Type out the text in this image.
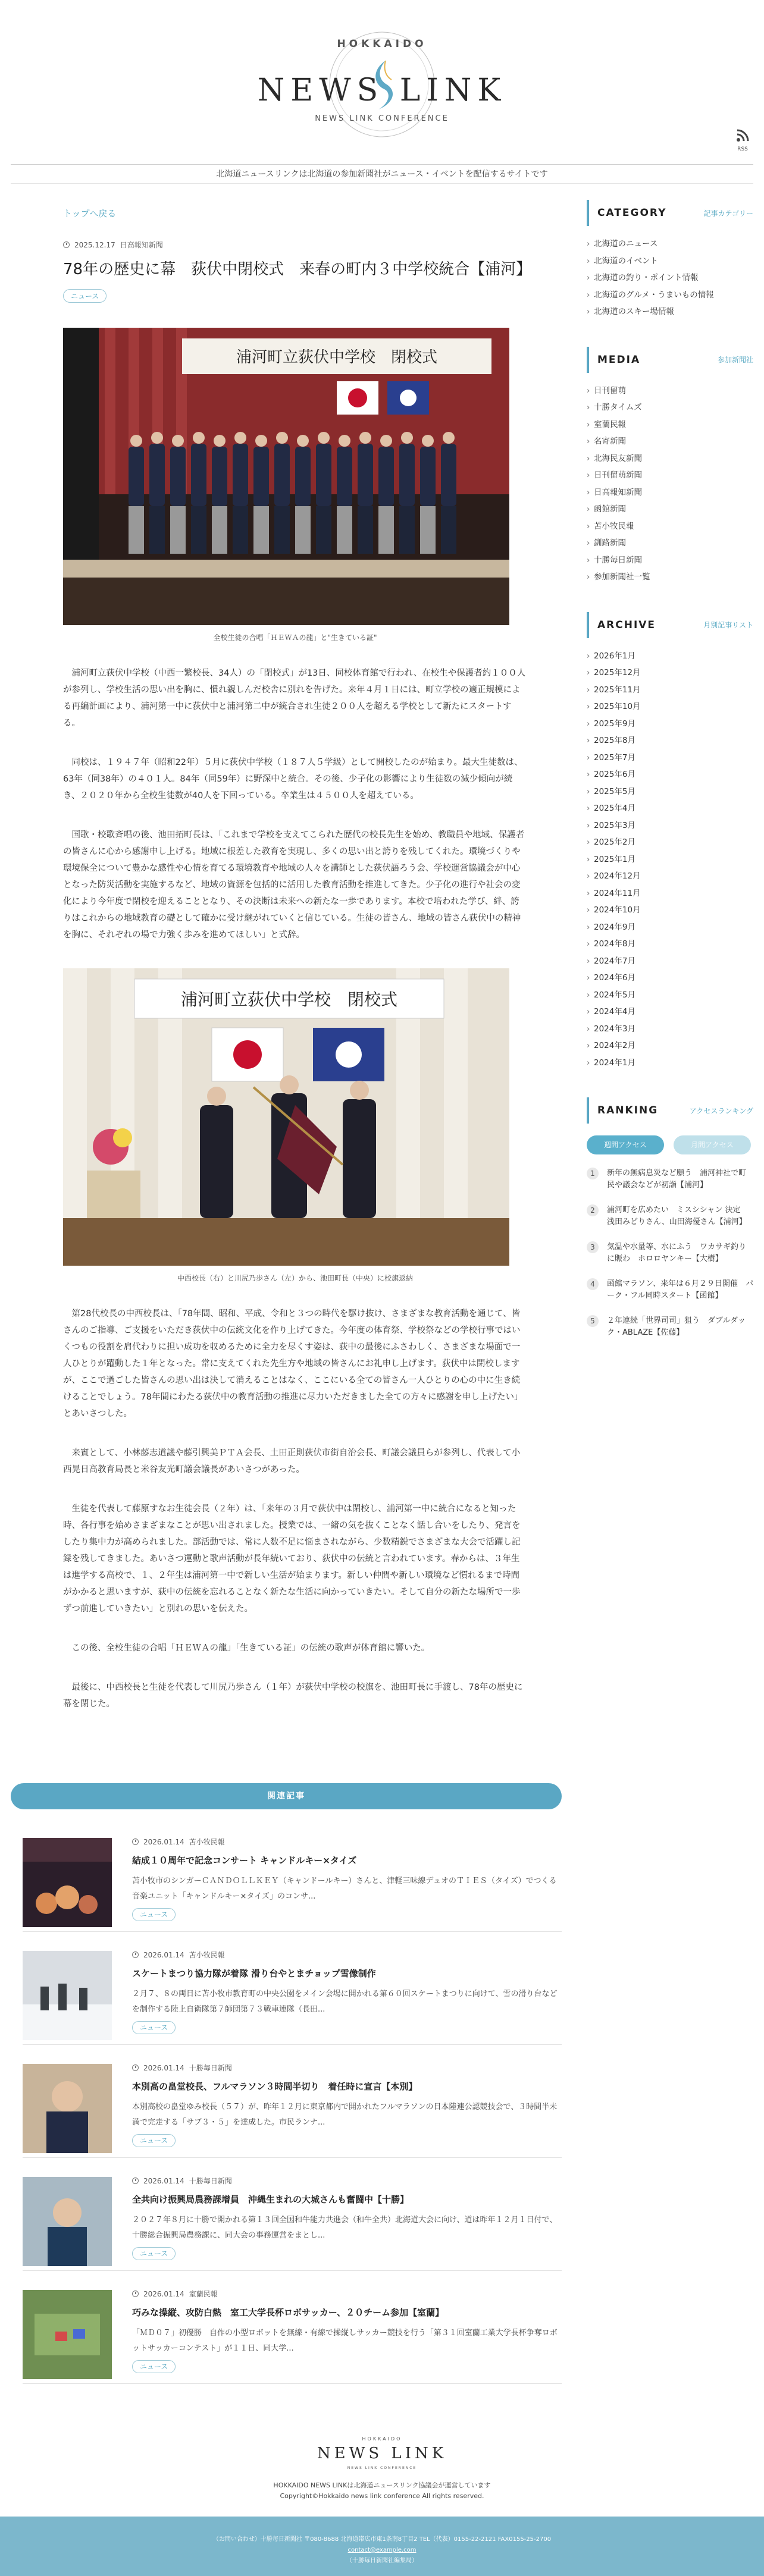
HOKKAIDO
NEWS LINK
NEWS LINK CONFERENCE
RSS
北海道ニュースリンクは北海道の参加新聞社がニュース・イベントを配信するサイトです
トップへ戻る
2025.12.17 日高報知新聞
78年の歴史に幕　荻伏中閉校式　来春の町内３中学校統合【浦河】
ニュース
浦河町立荻伏中学校　閉校式
全校生徒の合唱「ＨＥＷＡの龍」と"生きている証"

浦河町立荻伏中学校（中西一繁校長、34人）の「閉校式」が13日、同校体育館で行われ、在校生や保護者約１００人が参列し、学校生活の思い出を胸に、慣れ親しんだ校舎に別れを告げた。来年４月１日には、町立学校の適正規模による再編計画により、浦河第一中に荻伏中と浦河第二中が統合され生徒２００人を超える学校として新たにスタートする。

同校は、１９４７年（昭和22年）５月に荻伏中学校（１８７人５学級）として開校したのが始まり。最大生徒数は、63年（同38年）の４０１人。84年（同59年）に野深中と統合。その後、少子化の影響により生徒数の減少傾向が続き、２０２０年から全校生徒数が40人を下回っている。卒業生は４５００人を超えている。

国歌・校歌斉唱の後、池田拓町長は、「これまで学校を支えてこられた歴代の校長先生を始め、教職員や地域、保護者の皆さんに心から感謝申し上げる。地域に根差した教育を実現し、多くの思い出と誇りを残してくれた。環境づくりや環境保全について豊かな感性や心情を育てる環境教育や地域の人々を講師とした荻伏語ろう会、学校運営協議会が中心となった防災活動を実施するなど、地域の資源を包括的に活用した教育活動を推進してきた。少子化の進行や社会の変化により今年度で閉校を迎えることとなり、その決断は未来への新たな一歩であります。本校で培われた学び、絆、誇りはこれからの地域教育の礎として確かに受け継がれていくと信じている。生徒の皆さん、地域の皆さん荻伏中の精神を胸に、それぞれの場で力強く歩みを進めてほしい」と式辞。

浦河町立荻伏中学校　閉校式
中西校長（右）と川尻乃歩さん（左）から、池田町長（中央）に校旗返納

第28代校長の中西校長は、「78年間、昭和、平成、令和と３つの時代を駆け抜け、さまざまな教育活動を通じて、皆さんのご指導、ご支援をいただき荻伏中の伝統文化を作り上げてきた。今年度の体育祭、学校祭などの学校行事ではいくつもの役割を肩代わりに担い成功を収めるために全力を尽くす姿は、荻中の最後にふさわしく、さまざまな場面で一人ひとりが躍動した１年となった。常に支えてくれた先生方や地域の皆さんにお礼申し上げます。荻伏中は閉校しますが、ここで過ごした皆さんの思い出は決して消えることはなく、ここにいる全ての皆さん一人ひとりの心の中に生き続けることでしょう。78年間にわたる荻伏中の教育活動の推進に尽力いただきました全ての方々に感謝を申し上げたい」とあいさつした。

来賓として、小林藤志道議や藤引興美ＰＴＡ会長、土田正則荻伏市街自治会長、町議会議員らが参列し、代表して小西晃日高教育局長と米谷友光町議会議長があいさつがあった。

生徒を代表して藤原すなお生徒会長（２年）は、「来年の３月で荻伏中は閉校し、浦河第一中に統合になると知った時、各行事を始めさまざまなことが思い出されました。授業では、一緒の気を抜くことなく話し合いをしたり、発言をしたり集中力が高められました。部活動では、常に人数不足に悩まされながら、少数精鋭でさまざまな大会で活躍し記録を残してきました。あいさつ運動と歌声活動が長年続いており、荻伏中の伝統と言われています。春からは、３年生は進学する高校で、１、２年生は浦河第一中で新しい生活が始まります。新しい仲間や新しい環境など慣れるまで時間がかかると思いますが、荻中の伝統を忘れることなく新たな生活に向かっていきたい。そして自分の新たな場所で一歩ずつ前進していきたい」と別れの思いを伝えた。

この後、全校生徒の合唱「ＨＥＷＡの龍」「生きている証」の伝統の歌声が体育館に響いた。

最後に、中西校長と生徒を代表して川尻乃歩さん（１年）が荻伏中学校の校旗を、池田町長に手渡し、78年の歴史に幕を閉じた。

CATEGORY	記事カテゴリー
› 北海道のニュース
› 北海道のイベント
› 北海道の釣り・ポイント情報
› 北海道のグルメ・うまいもの情報
› 北海道のスキー場情報
MEDIA	参加新聞社
› 日刊留萌
› 十勝タイムズ
› 室蘭民報
› 名寄新聞
› 北海民友新聞
› 日刊留萌新聞
› 日高報知新聞
› 函館新聞
› 苫小牧民報
› 釧路新聞
› 十勝毎日新聞
› 参加新聞社一覧
ARCHIVE	月別記事リスト
› 2026年1月
› 2025年12月
› 2025年11月
› 2025年10月
› 2025年9月
› 2025年8月
› 2025年7月
› 2025年6月
› 2025年5月
› 2025年4月
› 2025年3月
› 2025年2月
› 2025年1月
› 2024年12月
› 2024年11月
› 2024年10月
› 2024年9月
› 2024年8月
› 2024年7月
› 2024年6月
› 2024年5月
› 2024年4月
› 2024年3月
› 2024年2月
› 2024年1月
RANKING	アクセスランキング
週間アクセス	月間アクセス
1	新年の無病息災など願う　浦河神社で町民や議会などが初詣【浦河】
2	浦河町を広めたい　ミスシシャン 決定　浅田みどりさん、山田海優さん【浦河】
3	気温や水量等、水にふう　ワカサギ釣りに賑わ　ホロロヤンキー【大樹】
4	函館マラソン、来年は６月２９日開催　パーク・フル同時スタート【函館】
5	２年連続「世界司司」狙う　ダブルダック・ABLAZE【佐藤】
関連記事
2026.01.14 苫小牧民報
結成１０周年で記念コンサート キャンドルキー×タイズ
苫小牧市のシンガーＣＡＮＤＯＬＬＫＥＹ（キャンドールキー）さんと、津軽三味線デュオのＴＩＥＳ（タイズ）でつくる音楽ユニット「キャンドルキー×タイズ」のコンサ...
ニュース
2026.01.14 苫小牧民報
スケートまつり協力隊が着隊 滑り台やとまチョップ雪像制作
２月７、８の両日に苫小牧市教育町の中央公園をメイン会場に開かれる第６０回スケートまつりに向けて、雪の滑り台などを制作する陸上自衛隊第７師団第７３戦車連隊（長田...
ニュース
2026.01.14 十勝毎日新聞
本別高の畠堂校長、フルマラソン３時間半切り　着任時に宣言【本別】
本別高校の畠堂ゆみ校長（５７）が、昨年１２月に東京都内で開かれたフルマラソンの日本陸連公認競技会で、３時間半未満で完走する「サブ３・５」を達成した。市民ランナ...
ニュース
2026.01.14 十勝毎日新聞
全共向け振興局農務課增員　沖縄生まれの大城さんも奮闘中【十勝】
２０２７年８月に十勝で開かれる第１３回全国和牛能力共進会（和牛全共）北海道大会に向け、道は昨年１２月１日付で、十勝総合振興局農務課に、同大会の事務運営をまとし...
ニュース
2026.01.14 室蘭民報
巧みな操縦、攻防白熱　室工大学長杯ロボサッカー、２０チーム参加【室蘭】
「ＭＤ０７」初優勝　自作の小型ロボットを無線・有線で操縦しサッカー競技を行う「第３１回室蘭工業大学長杯争奪ロボットサッカーコンテスト」が１１日、同大学...
ニュース
HOKKAIDO
NEWS LINK
NEWS LINK CONFERENCE
HOKKAIDO NEWS LINKは北海道ニュースリンク協議会が運営しています
Copyright©Hokkaido news link conference All rights reserved.
（お問い合わせ）十勝毎日新聞社 〒080-8688 北海道帯広市東1条南8丁目2 TEL（代表）0155-22-2121 FAX0155-25-2700
contact@example.com
（十勝毎日新聞社編集局）
